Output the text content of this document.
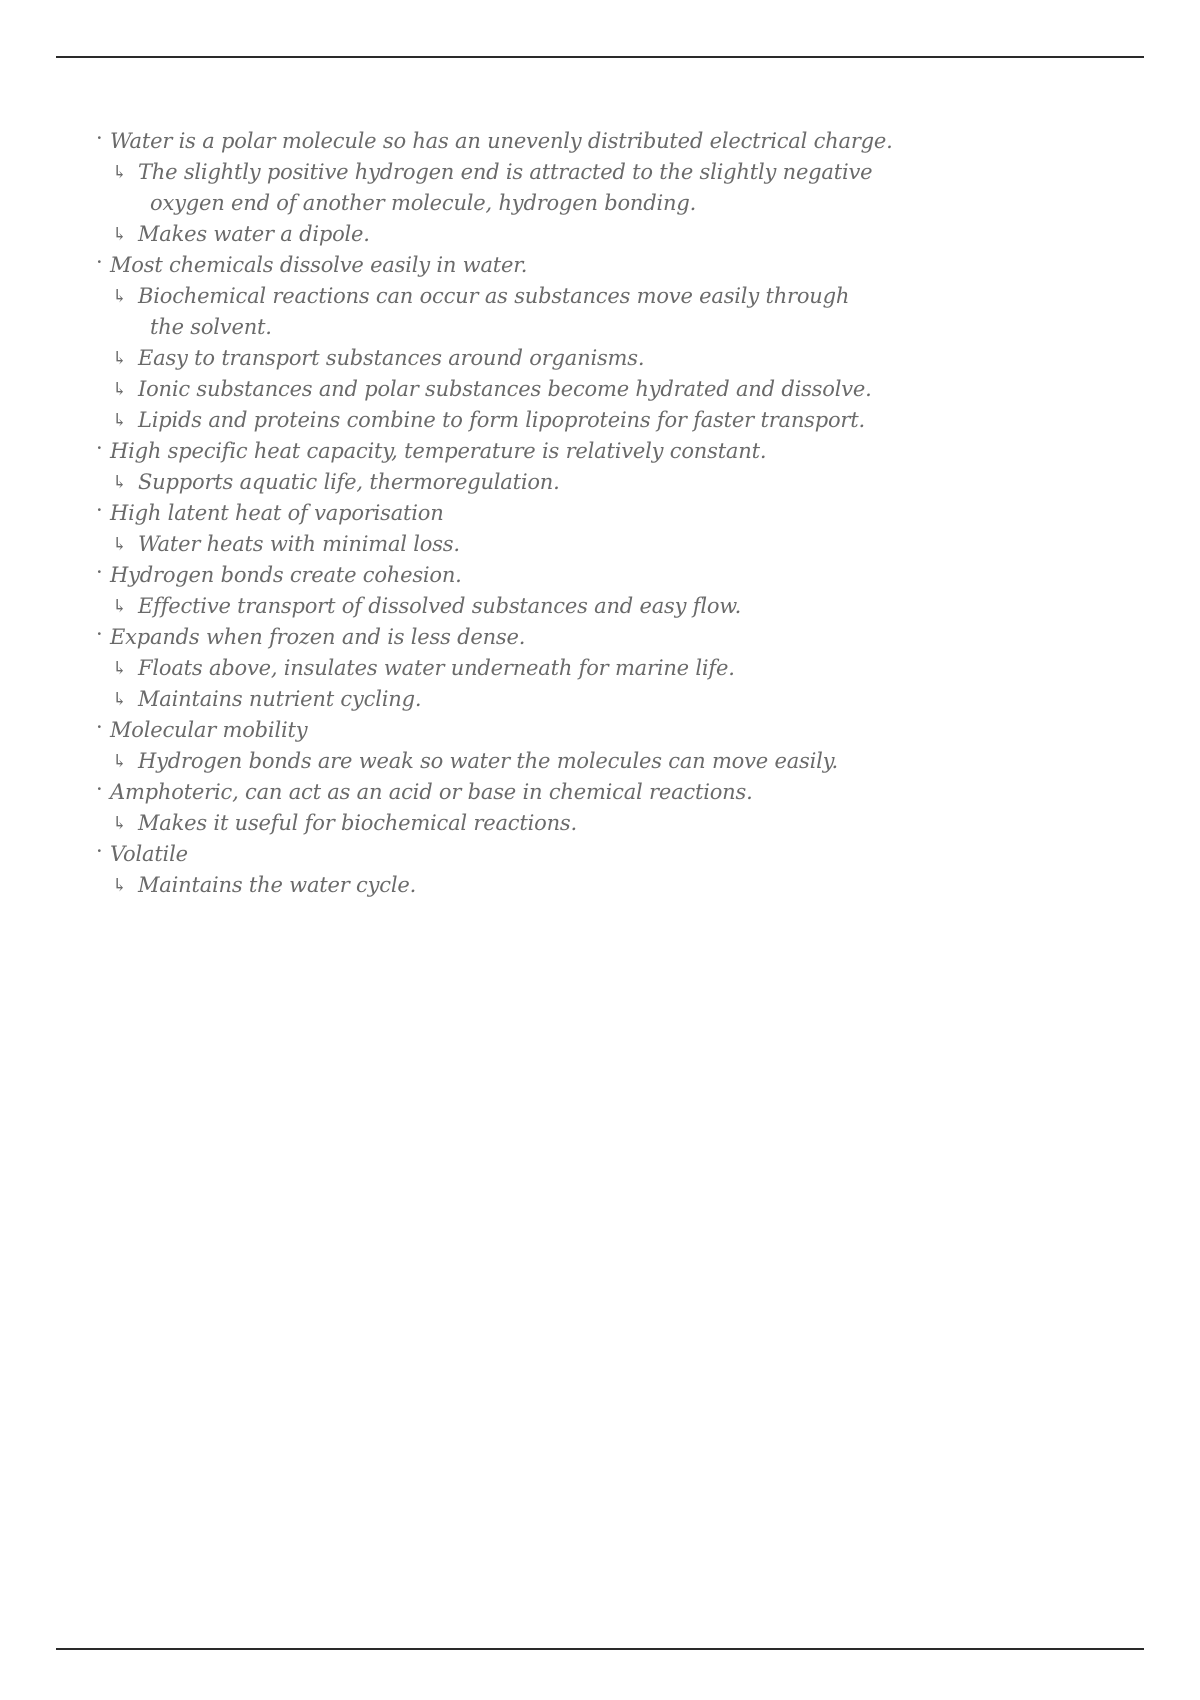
· Water is a polar molecule so has an unevenly distributed electrical charge.
↳ The slightly positive hydrogen end is attracted to the slightly negative
oxygen end of another molecule, hydrogen bonding.
↳ Makes water a dipole.
· Most chemicals dissolve easily in water.
↳ Biochemical reactions can occur as substances move easily through
the solvent.
↳ Easy to transport substances around organisms.
↳ Ionic substances and polar substances become hydrated and dissolve.
↳ Lipids and proteins combine to form lipoproteins for faster transport.
· High specific heat capacity, temperature is relatively constant.
↳ Supports aquatic life, thermoregulation.
· High latent heat of vaporisation
↳ Water heats with minimal loss.
· Hydrogen bonds create cohesion.
↳ Effective transport of dissolved substances and easy flow.
· Expands when frozen and is less dense.
↳ Floats above, insulates water underneath for marine life.
↳ Maintains nutrient cycling.
· Molecular mobility
↳ Hydrogen bonds are weak so water the molecules can move easily.
· Amphoteric, can act as an acid or base in chemical reactions.
↳ Makes it useful for biochemical reactions.
· Volatile
↳ Maintains the water cycle.
